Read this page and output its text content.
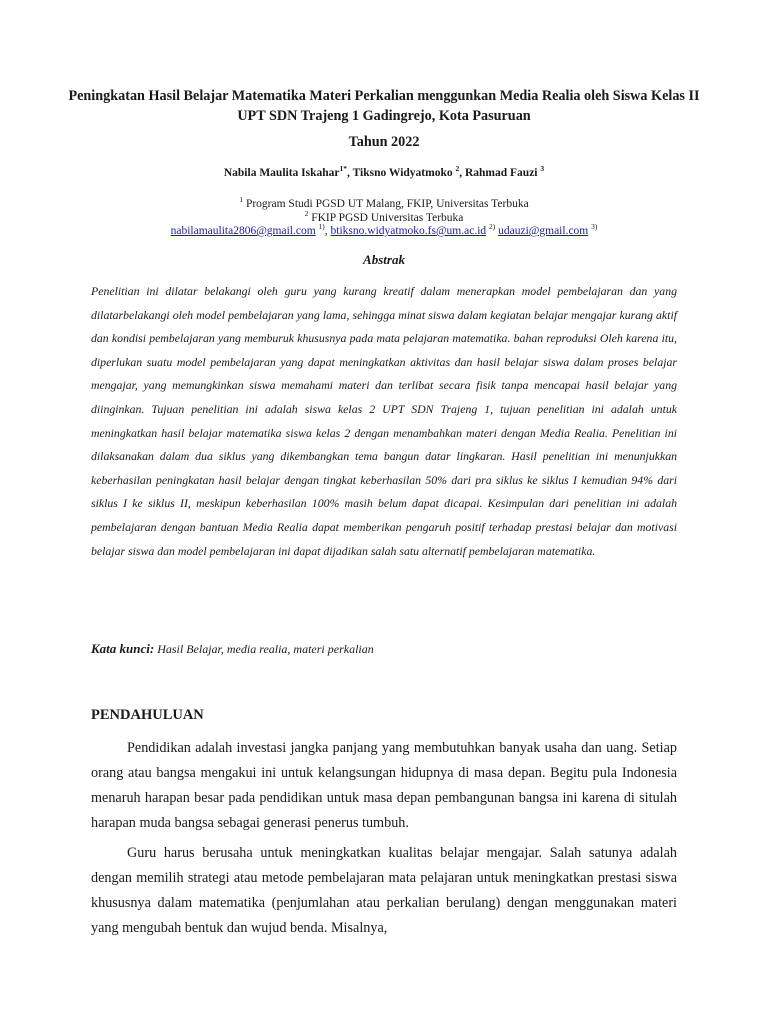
Peningkatan Hasil Belajar Matematika Materi Perkalian menggunkan Media Realia oleh Siswa Kelas II UPT SDN Trajeng 1 Gadingrejo, Kota Pasuruan
Tahun 2022
Nabila Maulita Iskahar$^{1*}$, Tiksno Widyatmoko $^2$, Rahmad Fauzi $^3$
$^1$ Program Studi PGSD UT Malang, FKIP, Universitas Terbuka
$^2$ FKIP PGSD Universitas Terbuka
nabilamaulita2806@gmail.com $^{1)}$, btiksno.widyatmoko.fs@um.ac.id $^{2)}$ udauzi@gmail.com $^{3)}$
Abstrak

Penelitian ini dilatar belakangi oleh guru yang kurang kreatif dalam menerapkan model pembelajaran dan yang dilatarbelakangi oleh model pembelajaran yang lama, sehingga minat siswa dalam kegiatan belajar mengajar kurang aktif dan kondisi pembelajaran yang memburuk khususnya pada mata pelajaran matematika. bahan reproduksi Oleh karena itu, diperlukan suatu model pembelajaran yang dapat meningkatkan aktivitas dan hasil belajar siswa dalam proses belajar mengajar, yang memungkinkan siswa memahami materi dan terlibat secara fisik tanpa mencapai hasil belajar yang diinginkan. Tujuan penelitian ini adalah siswa kelas 2 UPT SDN Trajeng 1, tujuan penelitian ini adalah untuk meningkatkan hasil belajar matematika siswa kelas 2 dengan menambahkan materi dengan Media Realia. Penelitian ini dilaksanakan dalam dua siklus yang dikembangkan tema bangun datar lingkaran. Hasil penelitian ini menunjukkan keberhasilan peningkatan hasil belajar dengan tingkat keberhasilan 50% dari pra siklus ke siklus I kemudian 94% dari siklus I ke siklus II, meskipun keberhasilan 100% masih belum dapat dicapai. Kesimpulan dari penelitian ini adalah pembelajaran dengan bantuan Media Realia dapat memberikan pengaruh positif terhadap prestasi belajar dan motivasi belajar siswa dan model pembelajaran ini dapat dijadikan salah satu alternatif pembelajaran matematika.

Kata kunci: Hasil Belajar, media realia, materi perkalian
PENDAHULUAN

Pendidikan adalah investasi jangka panjang yang membutuhkan banyak usaha dan uang. Setiap orang atau bangsa mengakui ini untuk kelangsungan hidupnya di masa depan. Begitu pula Indonesia menaruh harapan besar pada pendidikan untuk masa depan pembangunan bangsa ini karena di situlah harapan muda bangsa sebagai generasi penerus tumbuh.

Guru harus berusaha untuk meningkatkan kualitas belajar mengajar. Salah satunya adalah dengan memilih strategi atau metode pembelajaran mata pelajaran untuk meningkatkan prestasi siswa khususnya dalam matematika (penjumlahan atau perkalian berulang) dengan menggunakan materi yang mengubah bentuk dan wujud benda. Misalnya,
